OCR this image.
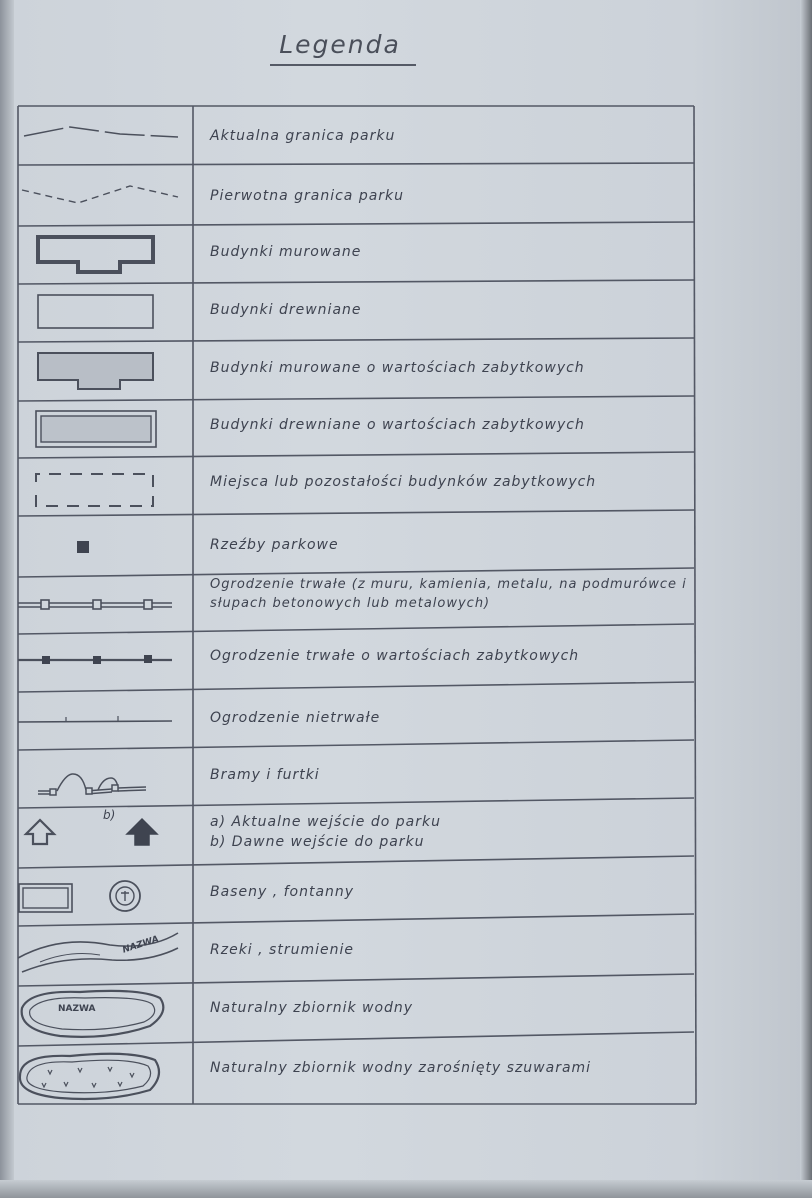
Legenda
b)
NAZWA
NAZWA
Aktualna granica parku
Pierwotna granica parku
Budynki murowane
Budynki drewniane
Budynki murowane o wartościach zabytkowych
Budynki drewniane o wartościach zabytkowych
Miejsca lub pozostałości budynków zabytkowych
Rzeźby parkowe
Ogrodzenie trwałe (z muru, kamienia, metalu, na podmurówce i słupach betonowych lub metalowych)
Ogrodzenie trwałe o wartościach zabytkowych
Ogrodzenie nietrwałe
Bramy i furtki
a) Aktualne wejście do parku
b) Dawne wejście do parku
Baseny , fontanny
Rzeki , strumienie
Naturalny zbiornik wodny
Naturalny zbiornik wodny zarośnięty szuwarami
